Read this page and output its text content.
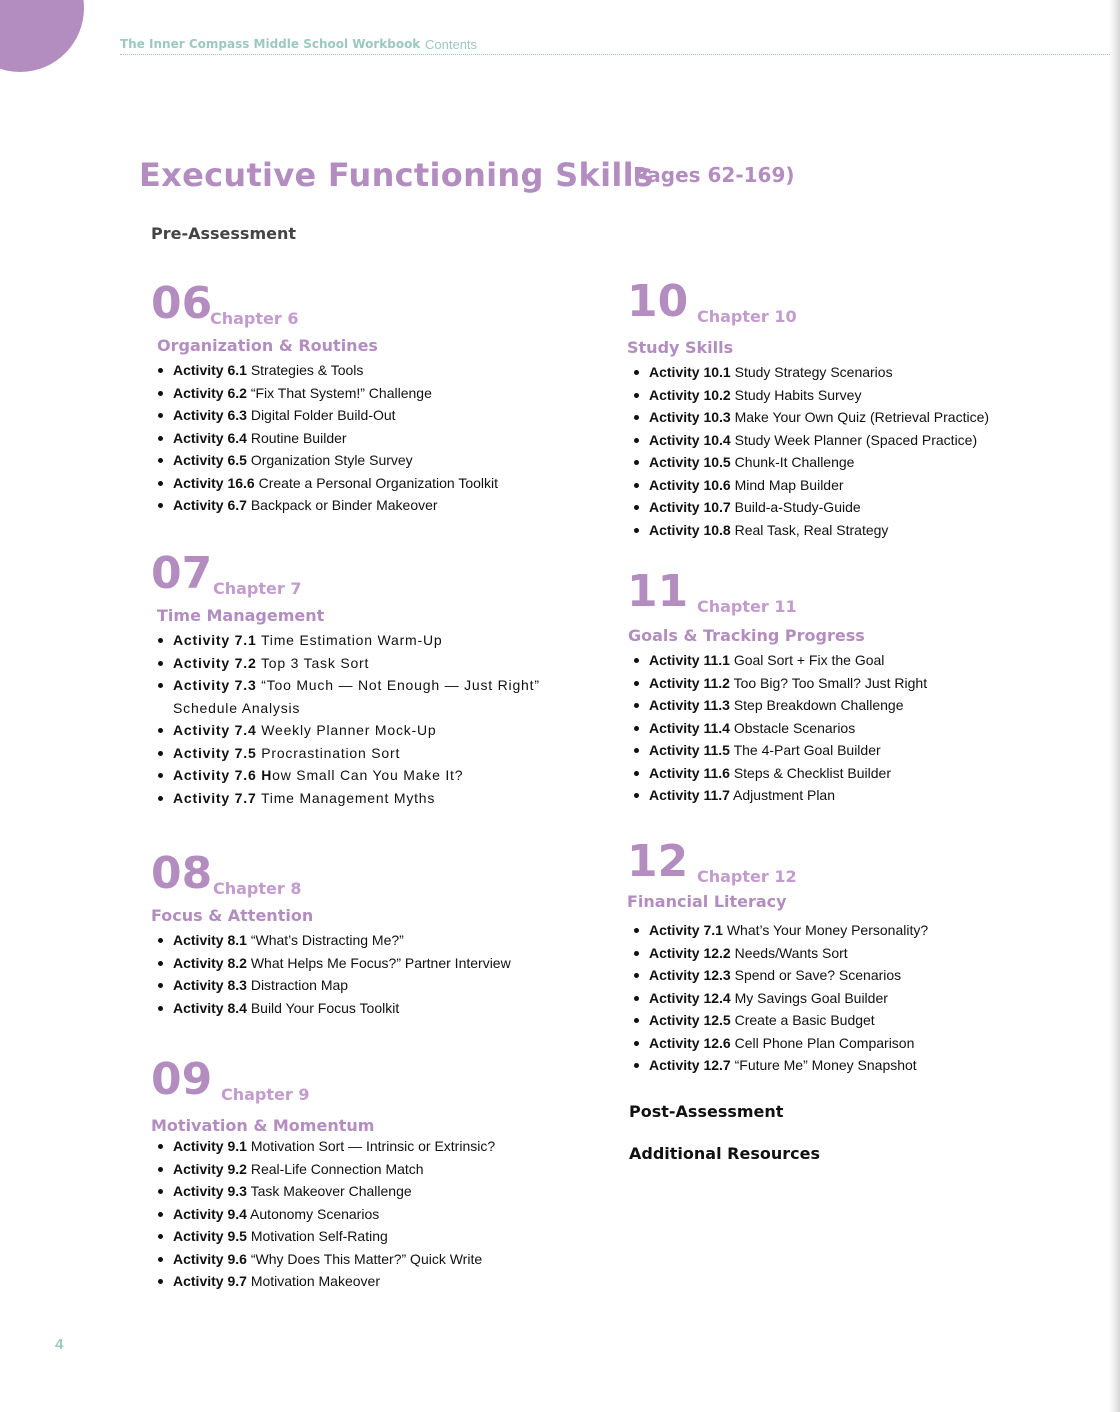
The Inner Compass Middle School Workbook Contents
Executive Functioning Skills
(Pages 62-169)
Pre-Assessment
06
Chapter 6
Organization & Routines
Activity 6.1 Strategies & Tools
Activity 6.2 “Fix That System!” Challenge
Activity 6.3 Digital Folder Build-Out
Activity 6.4 Routine Builder
Activity 6.5 Organization Style Survey
Activity 16.6 Create a Personal Organization Toolkit
Activity 6.7 Backpack or Binder Makeover
07 Chapter 7
Time Management
Activity 7.1 Time Estimation Warm-Up
Activity 7.2 Top 3 Task Sort
Activity 7.3 “Too Much — Not Enough — Just Right” Schedule Analysis
Activity 7.4 Weekly Planner Mock-Up
Activity 7.5 Procrastination Sort
Activity 7.6 How Small Can You Make It?
Activity 7.7 Time Management Myths
08 Chapter 8
Focus & Attention
Activity 8.1 “What’s Distracting Me?”
Activity 8.2 What Helps Me Focus?” Partner Interview
Activity 8.3 Distraction Map
Activity 8.4 Build Your Focus Toolkit
09 Chapter 9
Motivation & Momentum
Activity 9.1 Motivation Sort — Intrinsic or Extrinsic?
Activity 9.2 Real-Life Connection Match
Activity 9.3 Task Makeover Challenge
Activity 9.4 Autonomy Scenarios
Activity 9.5 Motivation Self-Rating
Activity 9.6 “Why Does This Matter?” Quick Write
Activity 9.7 Motivation Makeover
10 Chapter 10
Study Skills
Activity 10.1 Study Strategy Scenarios
Activity 10.2 Study Habits Survey
Activity 10.3 Make Your Own Quiz (Retrieval Practice)
Activity 10.4 Study Week Planner (Spaced Practice)
Activity 10.5 Chunk-It Challenge
Activity 10.6 Mind Map Builder
Activity 10.7 Build-a-Study-Guide
Activity 10.8 Real Task, Real Strategy
11 Chapter 11
Goals & Tracking Progress
Activity 11.1 Goal Sort + Fix the Goal
Activity 11.2 Too Big? Too Small? Just Right
Activity 11.3 Step Breakdown Challenge
Activity 11.4 Obstacle Scenarios
Activity 11.5 The 4-Part Goal Builder
Activity 11.6 Steps & Checklist Builder
Activity 11.7 Adjustment Plan
12 Chapter 12
Financial Literacy
Activity 7.1 What’s Your Money Personality?
Activity 12.2 Needs/Wants Sort
Activity 12.3 Spend or Save? Scenarios
Activity 12.4 My Savings Goal Builder
Activity 12.5 Create a Basic Budget
Activity 12.6 Cell Phone Plan Comparison
Activity 12.7 “Future Me” Money Snapshot
Post-Assessment
Additional Resources
4
